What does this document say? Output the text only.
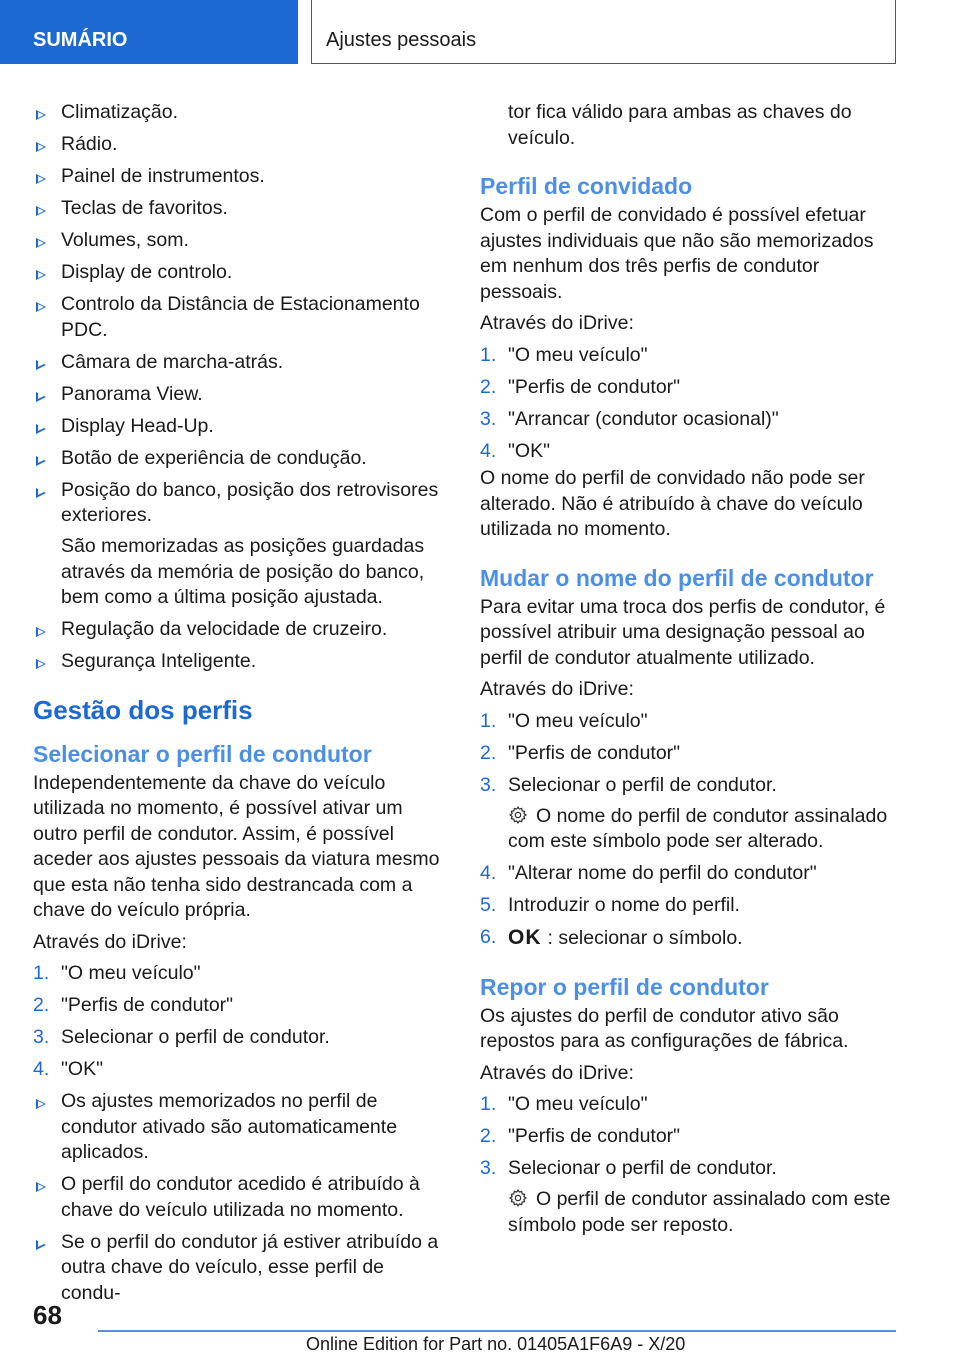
SUMÁRIO	Ajustes pessoais
Climatização.
Rádio.
Painel de instrumentos.
Teclas de favoritos.
Volumes, som.
Display de controlo.
Controlo da Distância de Estacionamento PDC.
Câmara de marcha-atrás.
Panorama View.
Display Head-Up.
Botão de experiência de condução.
Posição do banco, posição dos retrovisores exteriores.
São memorizadas as posições guardadas através da memória de posição do banco, bem como a última posição ajustada.
Regulação da velocidade de cruzeiro.
Segurança Inteligente.
Gestão dos perfis
Selecionar o perfil de condutor

Independentemente da chave do veículo utilizada no momento, é possível ativar um outro perfil de condutor. Assim, é possível aceder aos ajustes pessoais da viatura mesmo que esta não tenha sido destrancada com a chave do veículo própria.

Através do iDrive:

1. "O meu veículo"
2. "Perfis de condutor"
3. Selecionar o perfil de condutor.
4. "OK"
Os ajustes memorizados no perfil de condutor ativado são automaticamente aplicados.
O perfil do condutor acedido é atribuído à chave do veículo utilizada no momento.
Se o perfil do condutor já estiver atribuído a outra chave do veículo, esse perfil de condu-
tor fica válido para ambas as chaves do veículo.
Perfil de convidado

Com o perfil de convidado é possível efetuar ajustes individuais que não são memorizados em nenhum dos três perfis de condutor pessoais.

Através do iDrive:

1. "O meu veículo"
2. "Perfis de condutor"
3. "Arrancar (condutor ocasional)"
4. "OK"

O nome do perfil de convidado não pode ser alterado. Não é atribuído à chave do veículo utilizada no momento.

Mudar o nome do perfil de condutor

Para evitar uma troca dos perfis de condutor, é possível atribuir uma designação pessoal ao perfil de condutor atualmente utilizado.

Através do iDrive:

1. "O meu veículo"
2. "Perfis de condutor"
3. Selecionar o perfil de condutor.
O nome do perfil de condutor assinalado com este símbolo pode ser alterado.
4. "Alterar nome do perfil do condutor"
5. Introduzir o nome do perfil.
6. OK : selecionar o símbolo.
Repor o perfil de condutor

Os ajustes do perfil de condutor ativo são repostos para as configurações de fábrica.

Através do iDrive:

1. "O meu veículo"
2. "Perfis de condutor"
3. Selecionar o perfil de condutor.
O perfil de condutor assinalado com este símbolo pode ser reposto.
68
Online Edition for Part no. 01405A1F6A9 - X/20
